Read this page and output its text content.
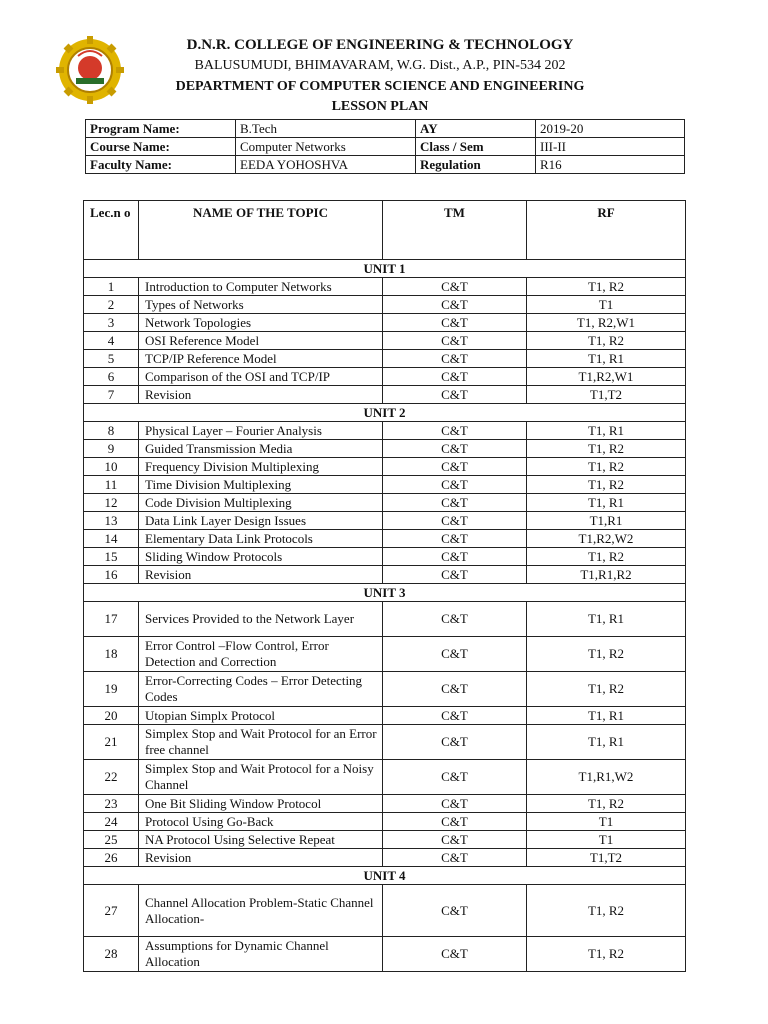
D.N.R. COLLEGE OF ENGINEERING & TECHNOLOGY
BALUSUMUDI, BHIMAVARAM, W.G. Dist., A.P., PIN-534 202
DEPARTMENT OF COMPUTER SCIENCE AND ENGINEERING
LESSON PLAN
Program Name:	B.Tech	AY	2019-20
Course Name:	Computer Networks	Class / Sem	III-II
Faculty Name:	EEDA YOHOSHVA	Regulation	R16
Lec.n o	NAME OF THE TOPIC	TM	RF
UNIT 1			
1	Introduction to Computer Networks	C&T	T1, R2
2	Types of Networks	C&T	T1
3	Network Topologies	C&T	T1, R2,W1
4	OSI Reference Model	C&T	T1, R2
5	TCP/IP Reference Model	C&T	T1, R1
6	Comparison of the OSI and TCP/IP	C&T	T1,R2,W1
7	Revision	C&T	T1,T2
UNIT 2			
8	Physical Layer – Fourier Analysis	C&T	T1, R1
9	Guided Transmission Media	C&T	T1, R2
10	Frequency Division Multiplexing	C&T	T1, R2
11	Time Division Multiplexing	C&T	T1, R2
12	Code Division Multiplexing	C&T	T1, R1
13	Data Link Layer Design Issues	C&T	T1,R1
14	Elementary Data Link Protocols	C&T	T1,R2,W2
15	Sliding Window Protocols	C&T	T1, R2
16	Revision	C&T	T1,R1,R2
UNIT 3			
17	Services Provided to the Network Layer	C&T	T1, R1
18	Error Control –Flow Control, Error Detection and Correction	C&T	T1, R2
19	Error-Correcting Codes – Error Detecting Codes	C&T	T1, R2
20	Utopian Simplx Protocol	C&T	T1, R1
21	Simplex Stop and Wait Protocol for an Error free channel	C&T	T1, R1
22	Simplex Stop and Wait Protocol for a Noisy Channel	C&T	T1,R1,W2
23	One Bit Sliding Window Protocol	C&T	T1, R2
24	Protocol Using Go-Back	C&T	T1
25	NA Protocol Using Selective Repeat	C&T	T1
26	Revision	C&T	T1,T2
UNIT 4			
27	Channel Allocation Problem-Static Channel Allocation-	C&T	T1, R2
28	Assumptions for Dynamic Channel Allocation	C&T	T1, R2
